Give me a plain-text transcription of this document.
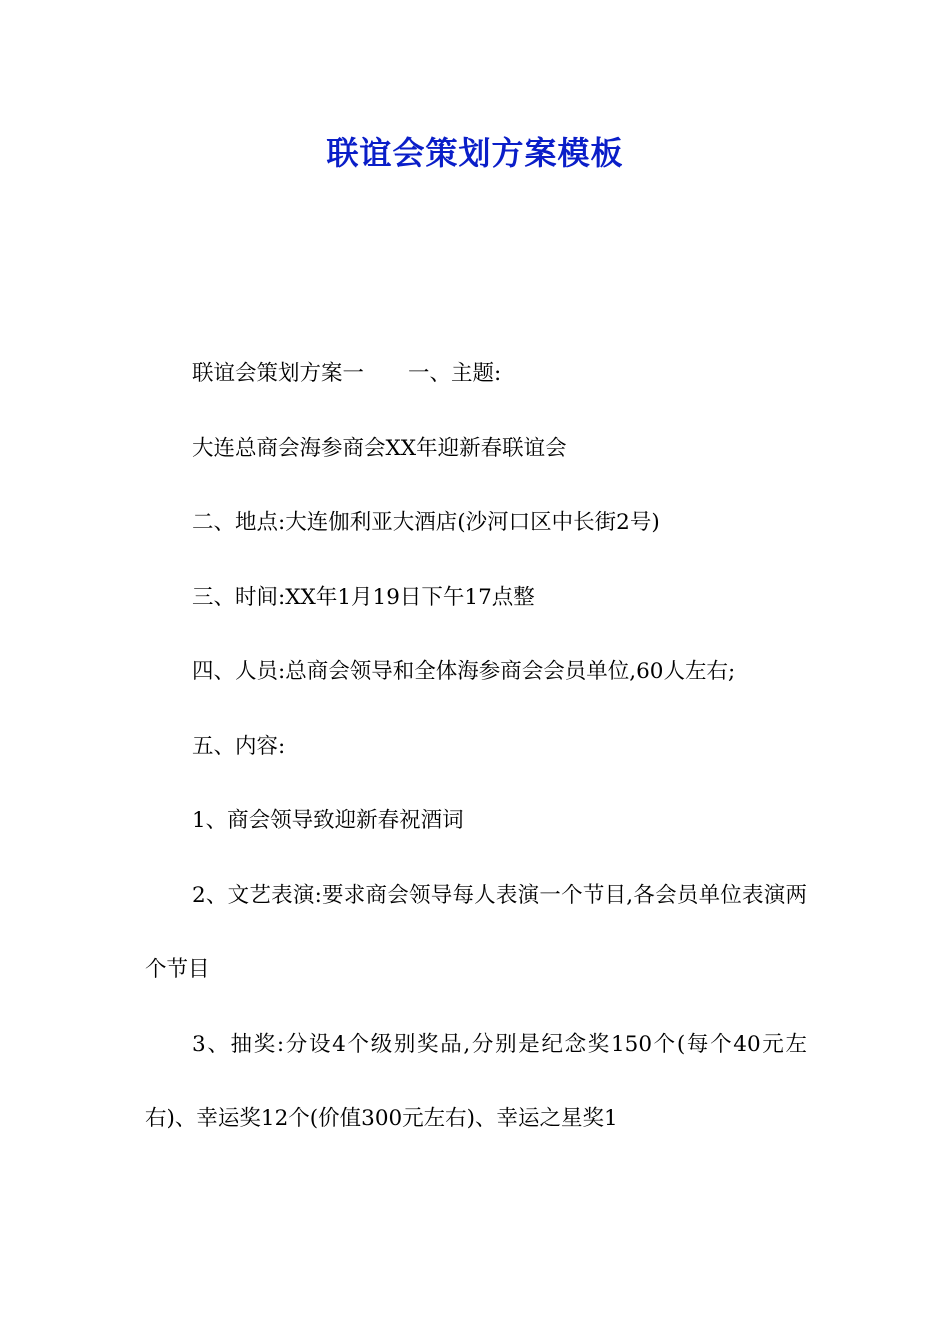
联谊会策划方案模板

联谊会策划方案一 一、主题:

大连总商会海参商会XX年迎新春联谊会

二、地点:大连伽利亚大酒店(沙河口区中长街2号)

三、时间:XX年1月19日下午17点整

四、人员:总商会领导和全体海参商会会员单位,60人左右;

五、内容:

1、商会领导致迎新春祝酒词

2、文艺表演:要求商会领导每人表演一个节目,各会员单位表演两个节目

3、抽奖:分设4个级别奖品,分别是纪念奖150个(每个40元左右)、幸运奖12个(价值300元左右)、幸运之星奖1
